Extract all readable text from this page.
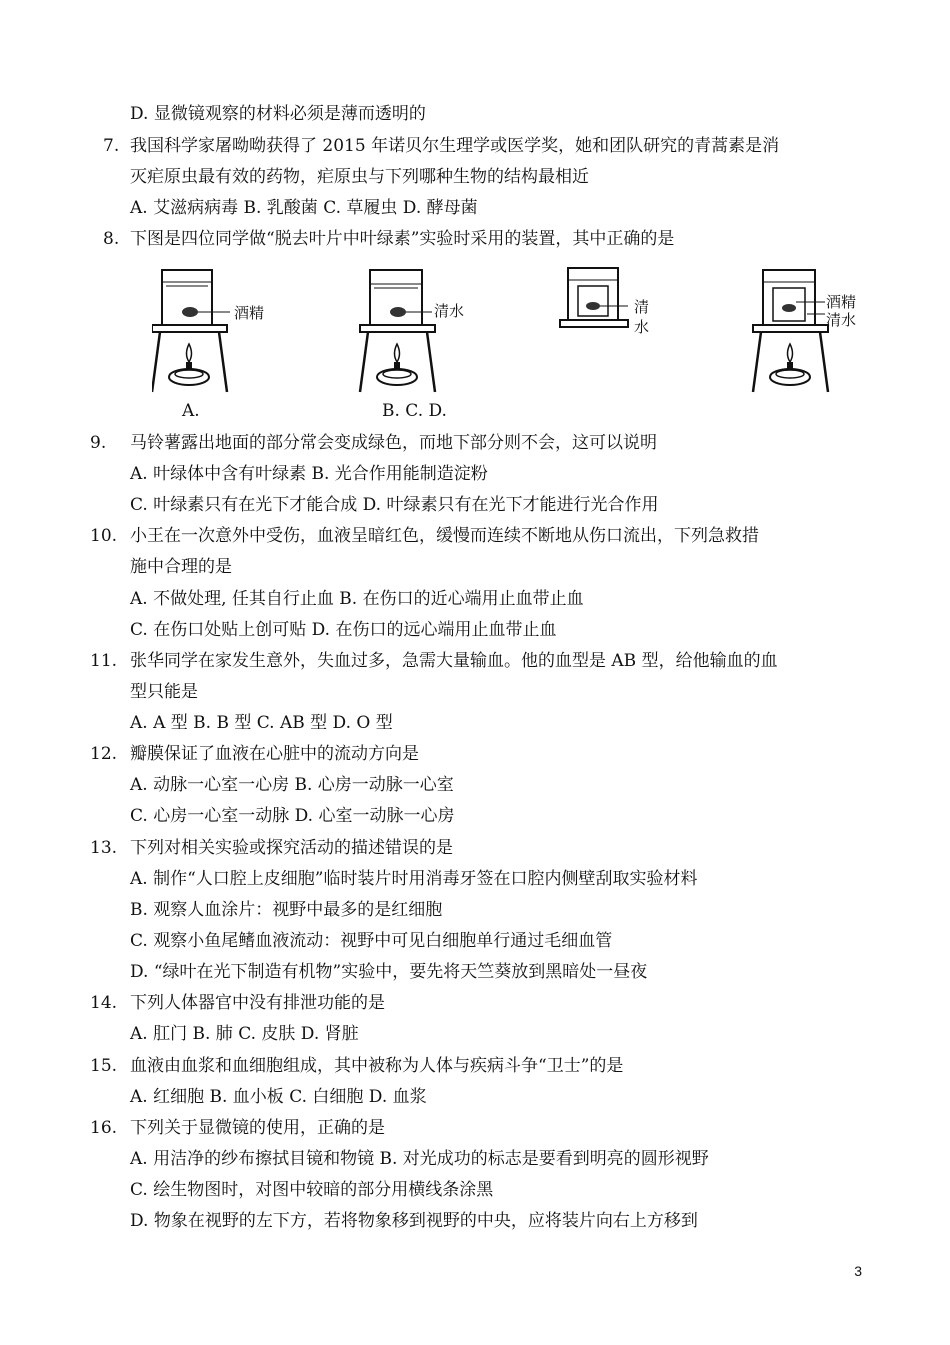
D. 显微镜观察的材料必须是薄而透明的
7. 我国科学家屠呦呦获得了 2015 年诺贝尔生理学或医学奖，她和团队研究的青蒿素是消
灭疟原虫最有效的药物，疟原虫与下列哪种生物的结构最相近
A. 艾滋病病毒 B. 乳酸菌 C. 草履虫 D. 酵母菌
8. 下图是四位同学做“脱去叶片中叶绿素”实验时采用的装置，其中正确的是
酒精	清水	清
水
酒精
清水
A.	B. C. D.
9. 马铃薯露出地面的部分常会变成绿色，而地下部分则不会，这可以说明
A. 叶绿体中含有叶绿素 B. 光合作用能制造淀粉
C. 叶绿素只有在光下才能合成 D. 叶绿素只有在光下才能进行光合作用
10. 小王在一次意外中受伤，血液呈暗红色，缓慢而连续不断地从伤口流出，下列急救措
施中合理的是
A. 不做处理, 任其自行止血 B. 在伤口的近心端用止血带止血
C. 在伤口处贴上创可贴 D. 在伤口的远心端用止血带止血
11. 张华同学在家发生意外，失血过多，急需大量输血。他的血型是 AB 型，给他输血的血
型只能是
A. A 型 B. B 型 C. AB 型 D. O 型
12. 瓣膜保证了血液在心脏中的流动方向是
A. 动脉一心室一心房 B. 心房一动脉一心室
C. 心房一心室一动脉 D. 心室一动脉一心房
13. 下列对相关实验或探究活动的描述错误的是
A. 制作“人口腔上皮细胞”临时装片时用消毒牙签在口腔内侧壁刮取实验材料
B. 观察人血涂片：视野中最多的是红细胞
C. 观察小鱼尾鳍血液流动：视野中可见白细胞单行通过毛细血管
D. “绿叶在光下制造有机物”实验中，要先将天竺葵放到黑暗处一昼夜
14. 下列人体器官中没有排泄功能的是
A. 肛门 B. 肺 C. 皮肤 D. 肾脏
15. 血液由血浆和血细胞组成，其中被称为人体与疾病斗争“卫士”的是
A. 红细胞 B. 血小板 C. 白细胞 D. 血浆
16. 下列关于显微镜的使用，正确的是
A. 用洁净的纱布擦拭目镜和物镜 B. 对光成功的标志是要看到明亮的圆形视野
C. 绘生物图时，对图中较暗的部分用横线条涂黑
D. 物象在视野的左下方，若将物象移到视野的中央，应将装片向右上方移到
3
